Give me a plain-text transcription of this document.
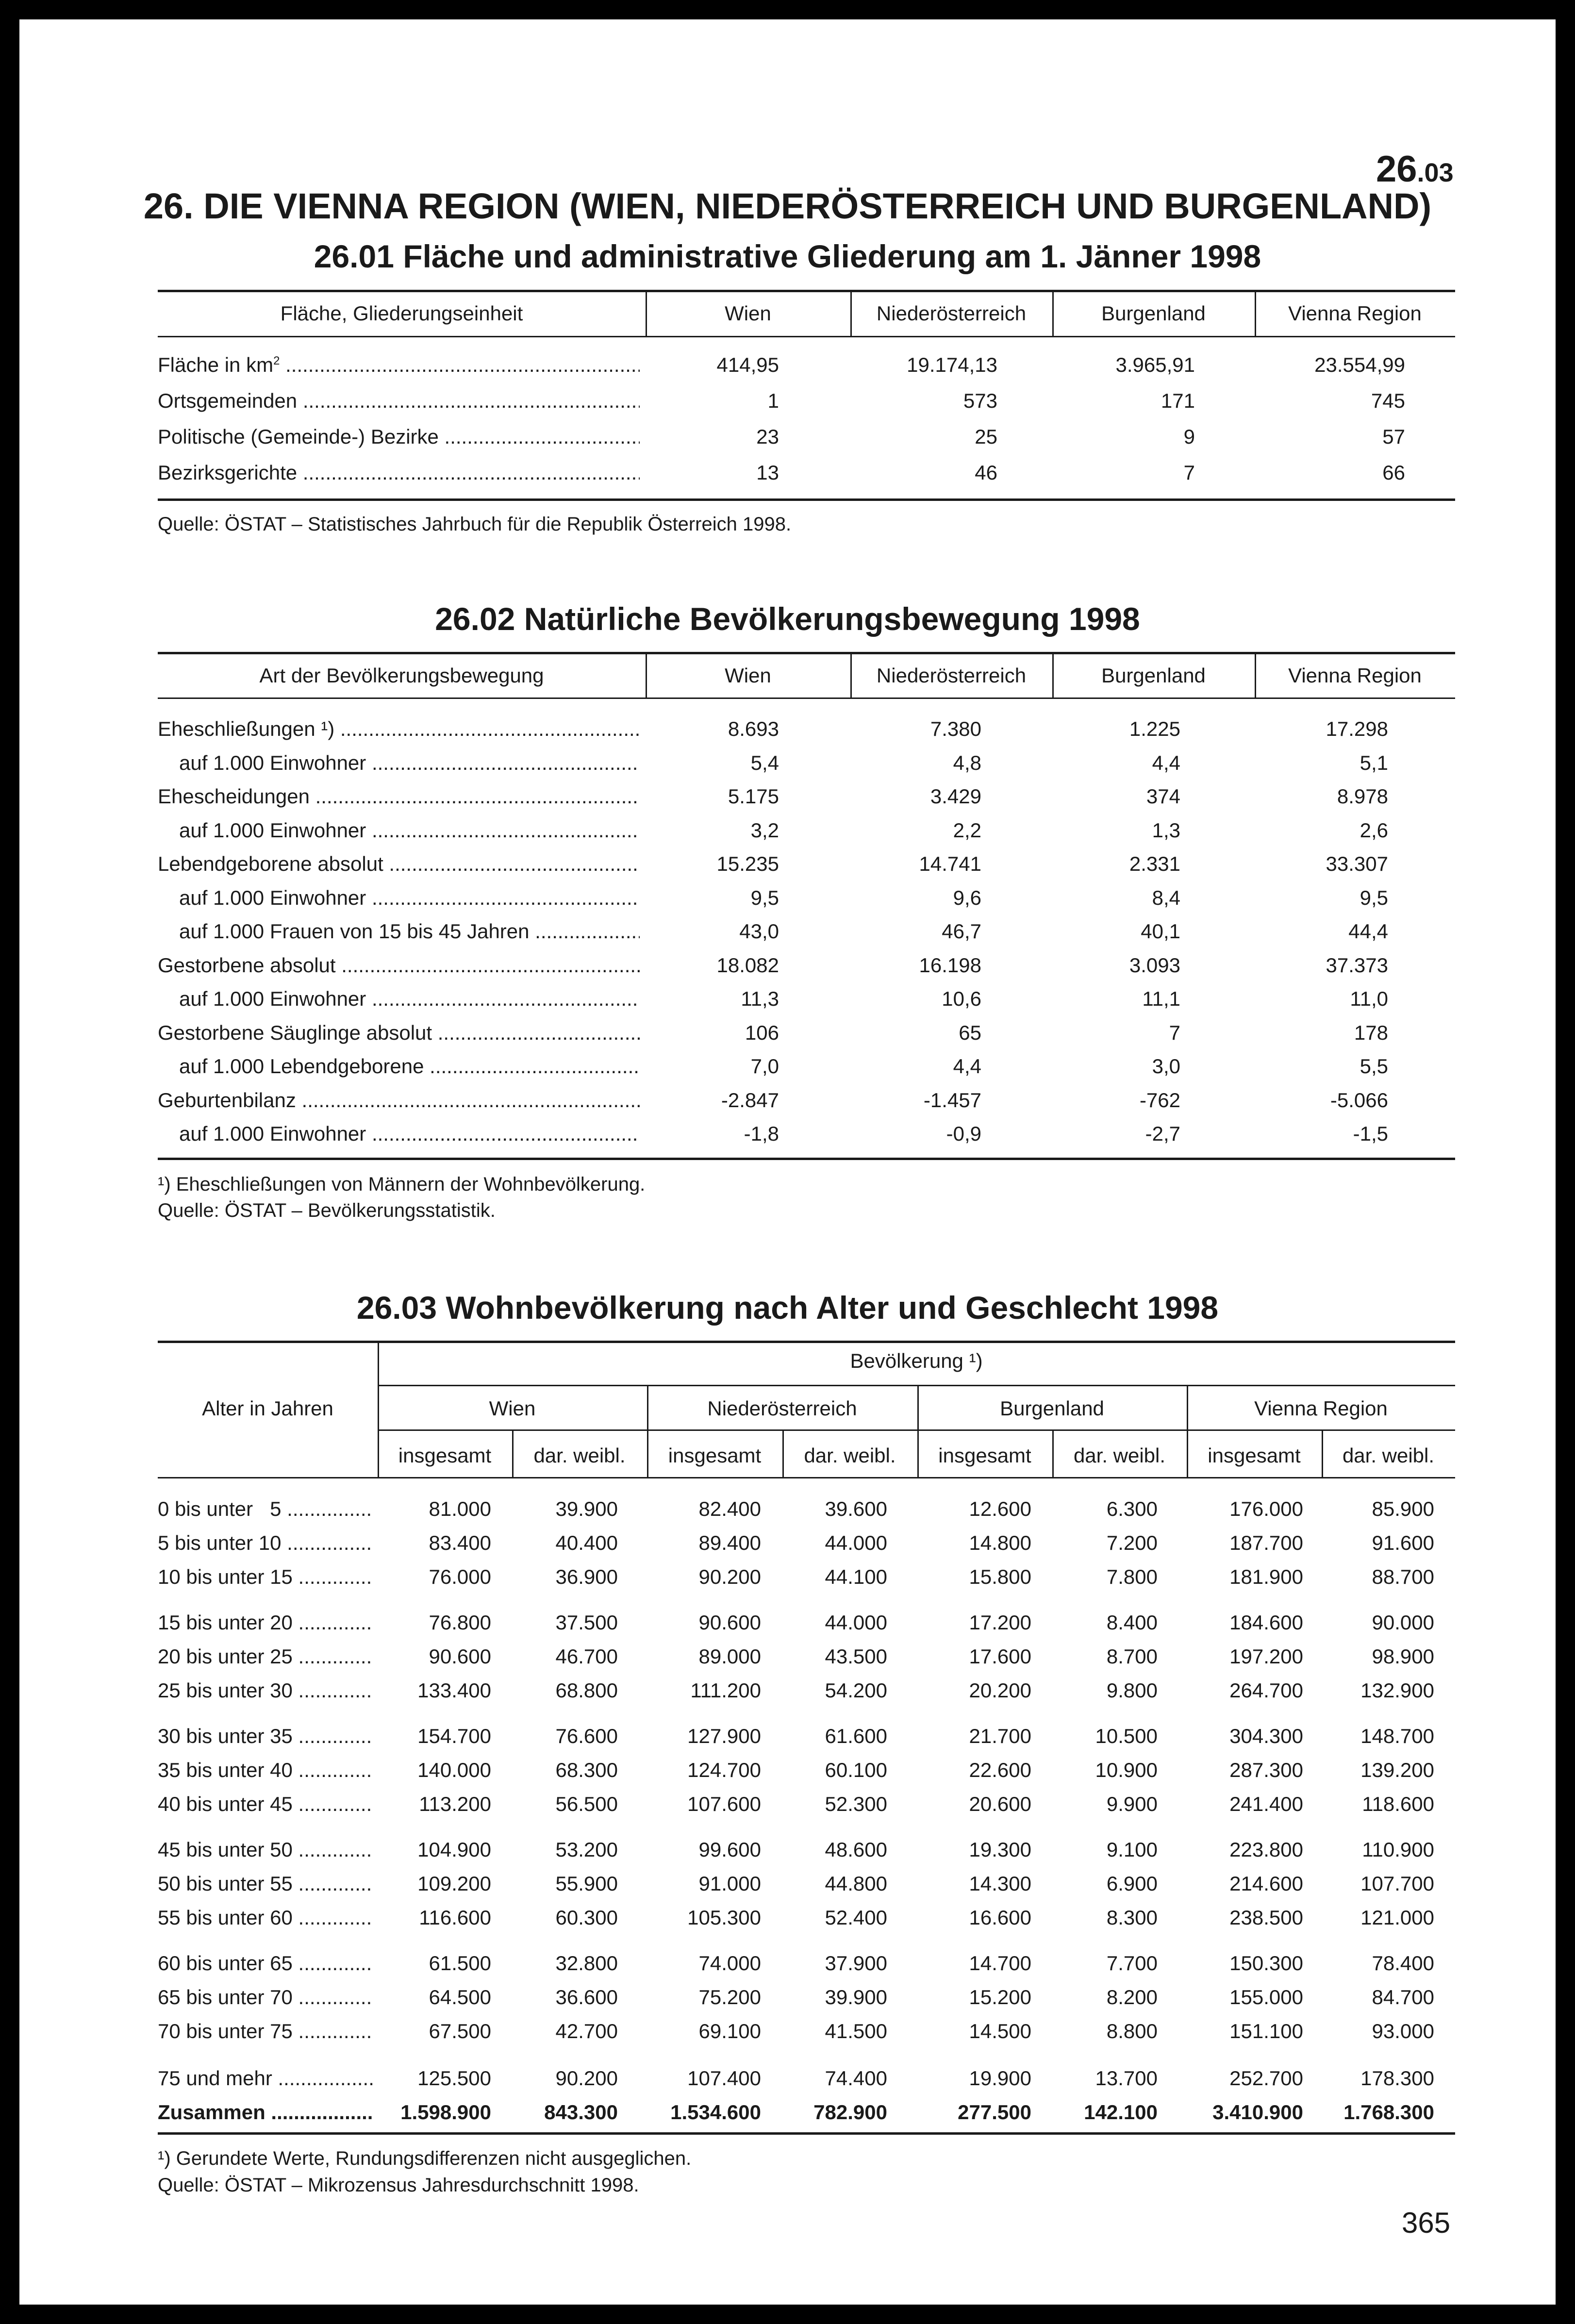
26.03
26. DIE VIENNA REGION (WIEN, NIEDERÖSTERREICH UND BURGENLAND)
365
26.01 Fläche und administrative Gliederung am 1. Jänner 1998
Fläche, Gliederungseinheit	Wien	Niederösterreich	Burgenland	Vienna Region
Fläche in $km^2$ .....	414,95	19.174,13	3.965,91	23.554,99
Ortsgemeinden .....	1	573	171	745
Politische (Gemeinde-) Bezirke .....	23	25	9	57
Bezirksgerichte .....	13	46	7	66
Quelle: ÖSTAT – Statistisches Jahrbuch für die Republik Österreich 1998.
26.02 Natürliche Bevölkerungsbewegung 1998
Art der Bevölkerungsbewegung	Wien	Niederösterreich	Burgenland	Vienna Region
Eheschließungen ¹) .....	8.693	7.380	1.225	17.298
auf 1.000 Einwohner .....	5,4	4,8	4,4	5,1
Ehescheidungen .....	5.175	3.429	374	8.978
auf 1.000 Einwohner .....	3,2	2,2	1,3	2,6
Lebendgeborene absolut .....	15.235	14.741	2.331	33.307
auf 1.000 Einwohner .....	9,5	9,6	8,4	9,5
auf 1.000 Frauen von 15 bis 45 Jahren .....	43,0	46,7	40,1	44,4
Gestorbene absolut .....	18.082	16.198	3.093	37.373
auf 1.000 Einwohner .....	11,3	10,6	11,1	11,0
Gestorbene Säuglinge absolut .....	106	65	7	178
auf 1.000 Lebendgeborene .....	7,0	4,4	3,0	5,5
Geburtenbilanz .....	-2.847	-1.457	-762	-5.066
auf 1.000 Einwohner .....	-1,8	-0,9	-2,7	-1,5
¹) Eheschließungen von Männern der Wohnbevölkerung.
Quelle: ÖSTAT – Bevölkerungsstatistik.
26.03 Wohnbevölkerung nach Alter und Geschlecht 1998
Alter in Jahren
Bevölkerung ¹)
Wien	Niederösterreich	Burgenland	Vienna Region
insgesamt	dar. weibl.	insgesamt	dar. weibl.	insgesamt	dar. weibl.	insgesamt	dar. weibl.
0 bis unter   5 .....	81.000	39.900	82.400	39.600	12.600	6.300	176.000	85.900
5 bis unter 10 .....	83.400	40.400	89.400	44.000	14.800	7.200	187.700	91.600
10 bis unter 15 .....	76.000	36.900	90.200	44.100	15.800	7.800	181.900	88.700
15 bis unter 20 .....	76.800	37.500	90.600	44.000	17.200	8.400	184.600	90.000
20 bis unter 25 .....	90.600	46.700	89.000	43.500	17.600	8.700	197.200	98.900
25 bis unter 30 .....	133.400	68.800	111.200	54.200	20.200	9.800	264.700	132.900
30 bis unter 35 .....	154.700	76.600	127.900	61.600	21.700	10.500	304.300	148.700
35 bis unter 40 .....	140.000	68.300	124.700	60.100	22.600	10.900	287.300	139.200
40 bis unter 45 .....	113.200	56.500	107.600	52.300	20.600	9.900	241.400	118.600
45 bis unter 50 .....	104.900	53.200	99.600	48.600	19.300	9.100	223.800	110.900
50 bis unter 55 .....	109.200	55.900	91.000	44.800	14.300	6.900	214.600	107.700
55 bis unter 60 .....	116.600	60.300	105.300	52.400	16.600	8.300	238.500	121.000
60 bis unter 65 .....	61.500	32.800	74.000	37.900	14.700	7.700	150.300	78.400
65 bis unter 70 .....	64.500	36.600	75.200	39.900	15.200	8.200	155.000	84.700
70 bis unter 75 .....	67.500	42.700	69.100	41.500	14.500	8.800	151.100	93.000
75 und mehr .....	125.500	90.200	107.400	74.400	19.900	13.700	252.700	178.300
Zusammen .....	1.598.900	843.300	1.534.600	782.900	277.500	142.100	3.410.900	1.768.300
¹) Gerundete Werte, Rundungsdifferenzen nicht ausgeglichen.
Quelle: ÖSTAT – Mikrozensus Jahresdurchschnitt 1998.
